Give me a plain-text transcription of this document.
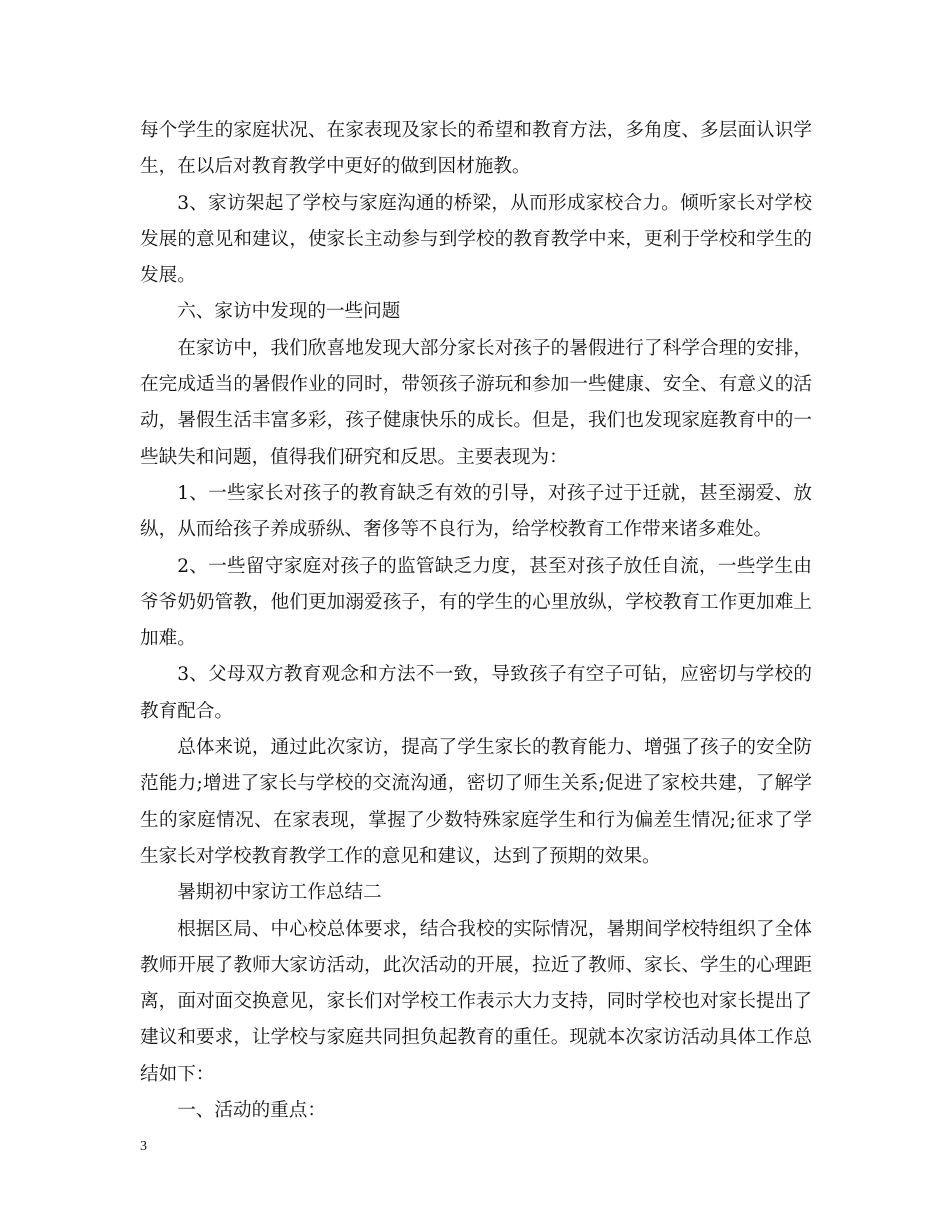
每个学生的家庭状况、在家表现及家长的希望和教育方法，多角度、多层面认识学生，在以后对教育教学中更好的做到因材施教。

3、家访架起了学校与家庭沟通的桥梁，从而形成家校合力。倾听家长对学校发展的意见和建议，使家长主动参与到学校的教育教学中来，更利于学校和学生的发展。

六、家访中发现的一些问题

在家访中，我们欣喜地发现大部分家长对孩子的暑假进行了科学合理的安排，在完成适当的暑假作业的同时，带领孩子游玩和参加一些健康、安全、有意义的活动，暑假生活丰富多彩，孩子健康快乐的成长。但是，我们也发现家庭教育中的一些缺失和问题，值得我们研究和反思。主要表现为：

1、一些家长对孩子的教育缺乏有效的引导，对孩子过于迁就，甚至溺爱、放纵，从而给孩子养成骄纵、奢侈等不良行为，给学校教育工作带来诸多难处。

2、一些留守家庭对孩子的监管缺乏力度，甚至对孩子放任自流，一些学生由爷爷奶奶管教，他们更加溺爱孩子，有的学生的心里放纵，学校教育工作更加难上加难。

3、父母双方教育观念和方法不一致，导致孩子有空子可钻，应密切与学校的教育配合。

总体来说，通过此次家访，提高了学生家长的教育能力、增强了孩子的安全防范能力;增进了家长与学校的交流沟通，密切了师生关系;促进了家校共建，了解学生的家庭情况、在家表现，掌握了少数特殊家庭学生和行为偏差生情况;征求了学生家长对学校教育教学工作的意见和建议，达到了预期的效果。

暑期初中家访工作总结二

根据区局、中心校总体要求，结合我校的实际情况，暑期间学校特组织了全体教师开展了教师大家访活动，此次活动的开展，拉近了教师、家长、学生的心理距离，面对面交换意见，家长们对学校工作表示大力支持，同时学校也对家长提出了建议和要求，让学校与家庭共同担负起教育的重任。现就本次家访活动具体工作总结如下：

一、活动的重点：

3
